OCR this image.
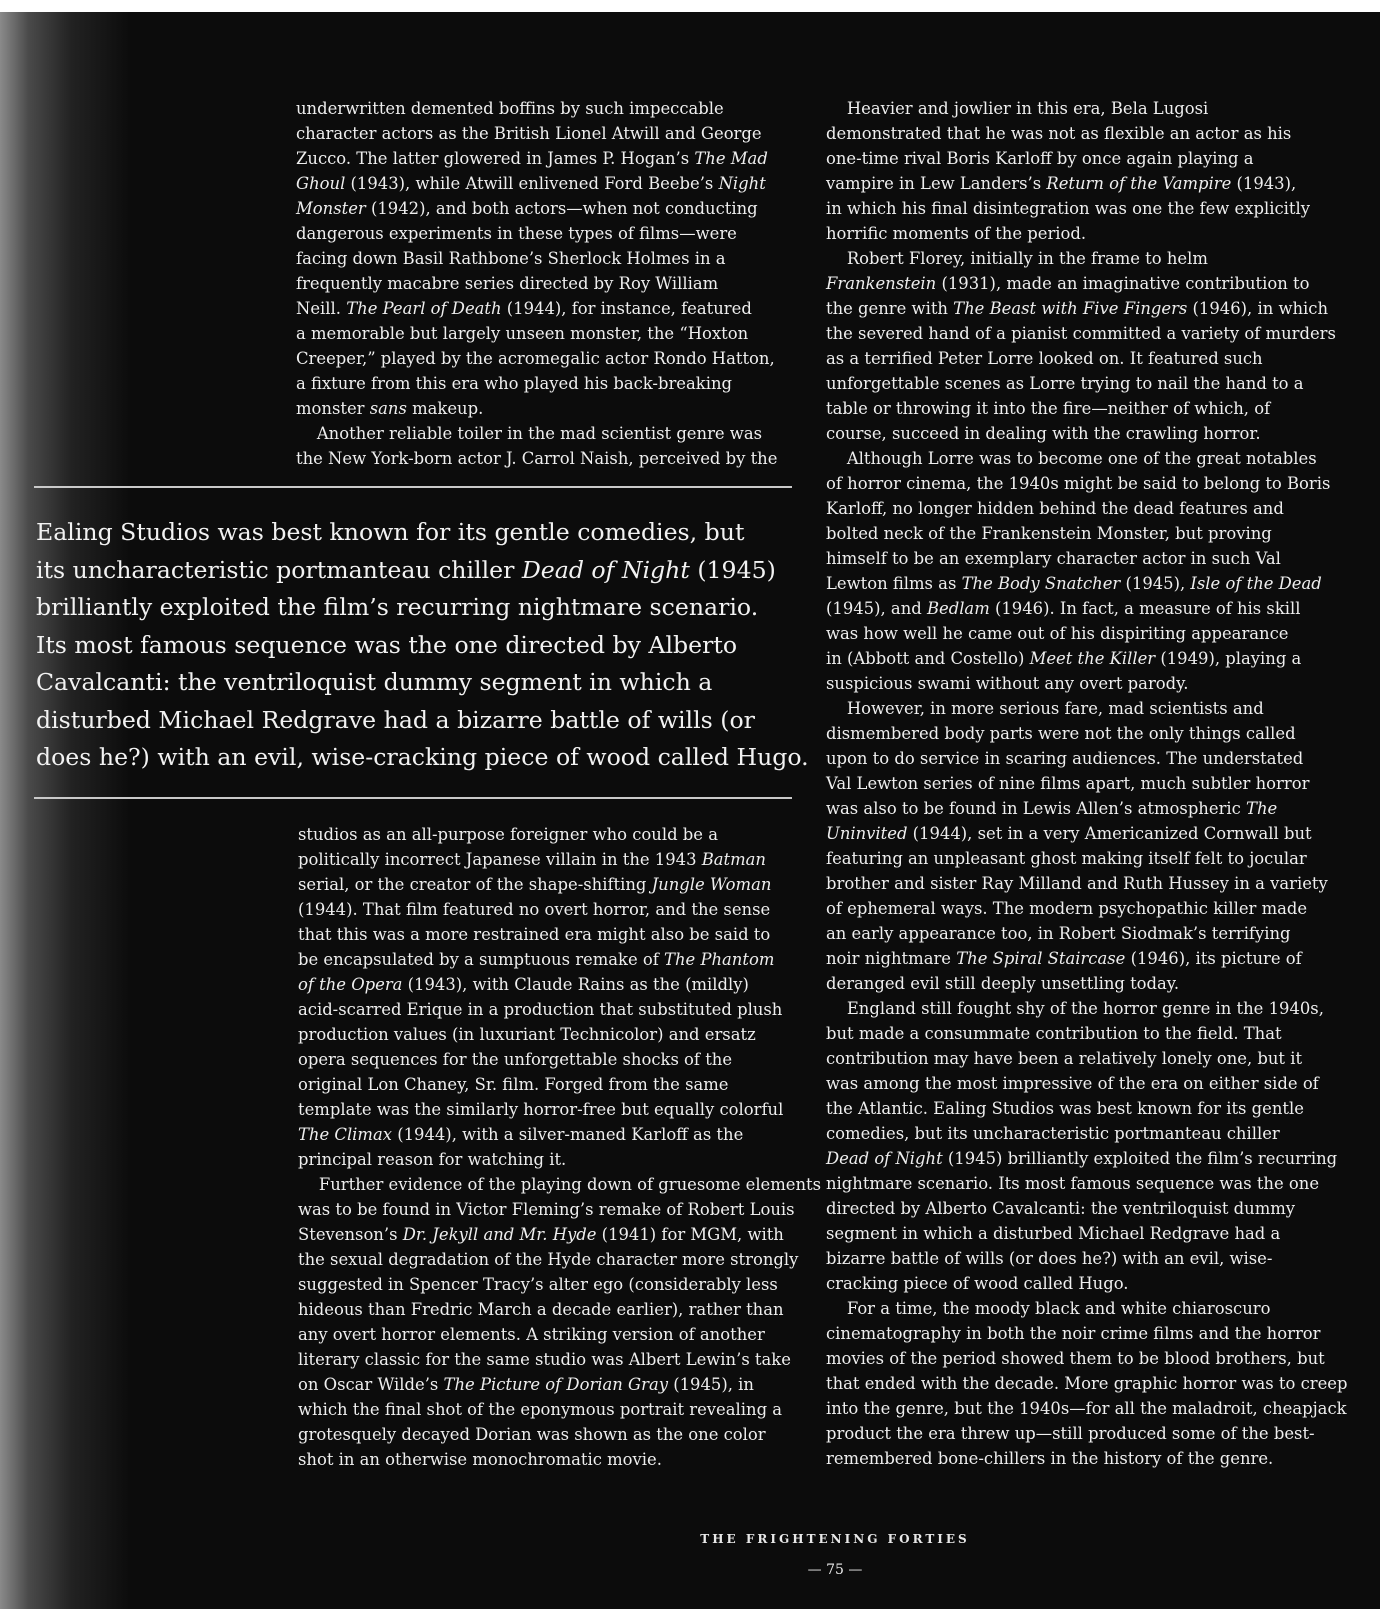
underwritten demented boffins by such impeccable
character actors as the British Lionel Atwill and George
Zucco. The latter glowered in James P. Hogan’s The Mad
Ghoul (1943), while Atwill enlivened Ford Beebe’s Night
Monster (1942), and both actors—when not conducting
dangerous experiments in these types of films—were
facing down Basil Rathbone’s Sherlock Holmes in a
frequently macabre series directed by Roy William
Neill. The Pearl of Death (1944), for instance, featured
a memorable but largely unseen monster, the “Hoxton
Creeper,” played by the acromegalic actor Rondo Hatton,
a fixture from this era who played his back-breaking
monster sans makeup.
Another reliable toiler in the mad scientist genre was
the New York-born actor J. Carrol Naish, perceived by the
Ealing Studios was best known for its gentle comedies, but
its uncharacteristic portmanteau chiller Dead of Night (1945)
brilliantly exploited the film’s recurring nightmare scenario.
Its most famous sequence was the one directed by Alberto
Cavalcanti: the ventriloquist dummy segment in which a
disturbed Michael Redgrave had a bizarre battle of wills (or
does he?) with an evil, wise-cracking piece of wood called Hugo.
studios as an all-purpose foreigner who could be a
politically incorrect Japanese villain in the 1943 Batman
serial, or the creator of the shape-shifting Jungle Woman
(1944). That film featured no overt horror, and the sense
that this was a more restrained era might also be said to
be encapsulated by a sumptuous remake of The Phantom
of the Opera (1943), with Claude Rains as the (mildly)
acid-scarred Erique in a production that substituted plush
production values (in luxuriant Technicolor) and ersatz
opera sequences for the unforgettable shocks of the
original Lon Chaney, Sr. film. Forged from the same
template was the similarly horror-free but equally colorful
The Climax (1944), with a silver-maned Karloff as the
principal reason for watching it.
Further evidence of the playing down of gruesome elements
was to be found in Victor Fleming’s remake of Robert Louis
Stevenson’s Dr. Jekyll and Mr. Hyde (1941) for MGM, with
the sexual degradation of the Hyde character more strongly
suggested in Spencer Tracy’s alter ego (considerably less
hideous than Fredric March a decade earlier), rather than
any overt horror elements. A striking version of another
literary classic for the same studio was Albert Lewin’s take
on Oscar Wilde’s The Picture of Dorian Gray (1945), in
which the final shot of the eponymous portrait revealing a
grotesquely decayed Dorian was shown as the one color
shot in an otherwise monochromatic movie.
Heavier and jowlier in this era, Bela Lugosi
demonstrated that he was not as flexible an actor as his
one-time rival Boris Karloff by once again playing a
vampire in Lew Landers’s Return of the Vampire (1943),
in which his final disintegration was one the few explicitly
horrific moments of the period.
Robert Florey, initially in the frame to helm
Frankenstein (1931), made an imaginative contribution to
the genre with The Beast with Five Fingers (1946), in which
the severed hand of a pianist committed a variety of murders
as a terrified Peter Lorre looked on. It featured such
unforgettable scenes as Lorre trying to nail the hand to a
table or throwing it into the fire—neither of which, of
course, succeed in dealing with the crawling horror.
Although Lorre was to become one of the great notables
of horror cinema, the 1940s might be said to belong to Boris
Karloff, no longer hidden behind the dead features and
bolted neck of the Frankenstein Monster, but proving
himself to be an exemplary character actor in such Val
Lewton films as The Body Snatcher (1945), Isle of the Dead
(1945), and Bedlam (1946). In fact, a measure of his skill
was how well he came out of his dispiriting appearance
in (Abbott and Costello) Meet the Killer (1949), playing a
suspicious swami without any overt parody.
However, in more serious fare, mad scientists and
dismembered body parts were not the only things called
upon to do service in scaring audiences. The understated
Val Lewton series of nine films apart, much subtler horror
was also to be found in Lewis Allen’s atmospheric The
Uninvited (1944), set in a very Americanized Cornwall but
featuring an unpleasant ghost making itself felt to jocular
brother and sister Ray Milland and Ruth Hussey in a variety
of ephemeral ways. The modern psychopathic killer made
an early appearance too, in Robert Siodmak’s terrifying
noir nightmare The Spiral Staircase (1946), its picture of
deranged evil still deeply unsettling today.
England still fought shy of the horror genre in the 1940s,
but made a consummate contribution to the field. That
contribution may have been a relatively lonely one, but it
was among the most impressive of the era on either side of
the Atlantic. Ealing Studios was best known for its gentle
comedies, but its uncharacteristic portmanteau chiller
Dead of Night (1945) brilliantly exploited the film’s recurring
nightmare scenario. Its most famous sequence was the one
directed by Alberto Cavalcanti: the ventriloquist dummy
segment in which a disturbed Michael Redgrave had a
bizarre battle of wills (or does he?) with an evil, wise-
cracking piece of wood called Hugo.
For a time, the moody black and white chiaroscuro
cinematography in both the noir crime films and the horror
movies of the period showed them to be blood brothers, but
that ended with the decade. More graphic horror was to creep
into the genre, but the 1940s—for all the maladroit, cheapjack
product the era threw up—still produced some of the best-
remembered bone-chillers in the history of the genre.
THE FRIGHTENING FORTIES
— 75 —
